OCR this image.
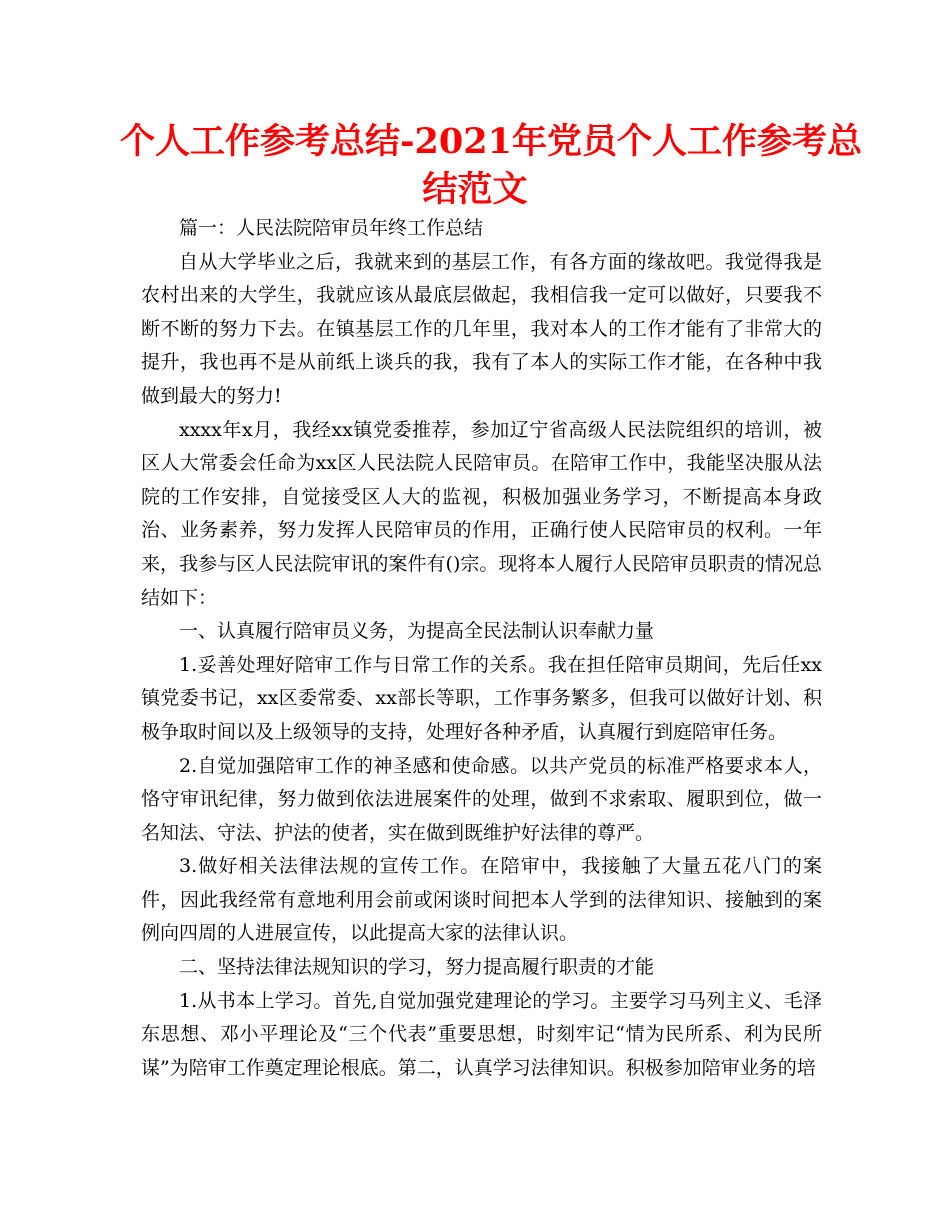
个人工作参考总结-2021年党员个人工作参考总
结范文

篇一：人民法院陪审员年终工作总结

自从大学毕业之后，我就来到的基层工作，有各方面的缘故吧。我觉得我是农村出来的大学生，我就应该从最底层做起，我相信我一定可以做好，只要我不断不断的努力下去。在镇基层工作的几年里，我对本人的工作才能有了非常大的提升，我也再不是从前纸上谈兵的我，我有了本人的实际工作才能，在各种中我做到最大的努力!

xxxx年x月，我经xx镇党委推荐，参加辽宁省高级人民法院组织的培训，被区人大常委会任命为xx区人民法院人民陪审员。在陪审工作中，我能坚决服从法院的工作安排，自觉接受区人大的监视，积极加强业务学习，不断提高本身政治、业务素养，努力发挥人民陪审员的作用，正确行使人民陪审员的权利。一年来，我参与区人民法院审讯的案件有()宗。现将本人履行人民陪审员职责的情况总结如下：

一、认真履行陪审员义务，为提高全民法制认识奉献力量

1.妥善处理好陪审工作与日常工作的关系。我在担任陪审员期间，先后任xx镇党委书记，xx区委常委、xx部长等职，工作事务繁多，但我可以做好计划、积极争取时间以及上级领导的支持，处理好各种矛盾，认真履行到庭陪审任务。

2.自觉加强陪审工作的神圣感和使命感。以共产党员的标准严格要求本人，恪守审讯纪律，努力做到依法进展案件的处理，做到不求索取、履职到位，做一名知法、守法、护法的使者，实在做到既维护好法律的尊严。

3.做好相关法律法规的宣传工作。在陪审中，我接触了大量五花八门的案件，因此我经常有意地利用会前或闲谈时间把本人学到的法律知识、接触到的案例向四周的人进展宣传，以此提高大家的法律认识。

二、坚持法律法规知识的学习，努力提高履行职责的才能

1.从书本上学习。首先,自觉加强党建理论的学习。主要学习马列主义、毛泽东思想、邓小平理论及“三个代表”重要思想，时刻牢记“情为民所系、利为民所谋”为陪审工作奠定理论根底。第二，认真学习法律知识。积极参加陪审业务的培
